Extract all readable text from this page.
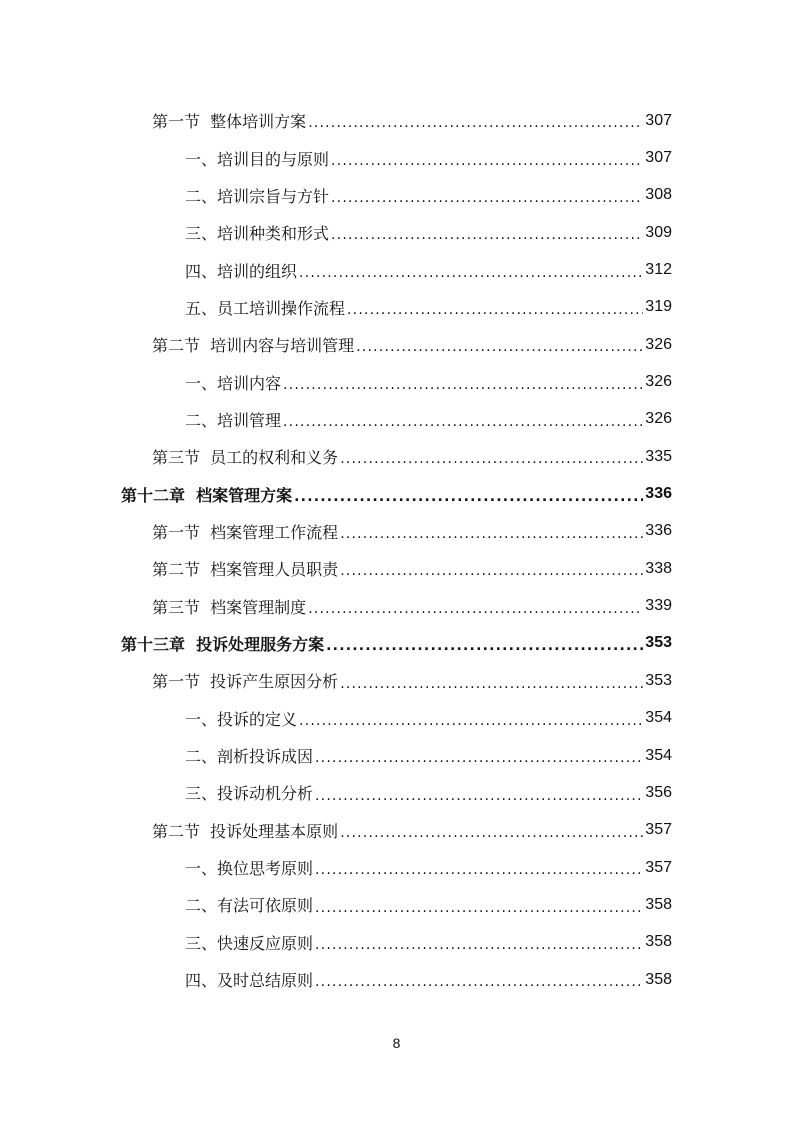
第一节  整体培训方案 .....	307
一、培训目的与原则 .....	307
二、培训宗旨与方针 .....	308
三、培训种类和形式 .....	309
四、培训的组织 .....	312
五、员工培训操作流程 .....	319
第二节  培训内容与培训管理 .....	326
一、培训内容 .....	326
二、培训管理 .....	326
第三节  员工的权利和义务 .....	335
第十二章  档案管理方案 .....	336
第一节  档案管理工作流程 .....	336
第二节  档案管理人员职责 .....	338
第三节  档案管理制度 .....	339
第十三章  投诉处理服务方案 .....	353
第一节  投诉产生原因分析 .....	353
一、投诉的定义 .....	354
二、剖析投诉成因 .....	354
三、投诉动机分析 .....	356
第二节  投诉处理基本原则 .....	357
一、换位思考原则 .....	357
二、有法可依原则 .....	358
三、快速反应原则 .....	358
四、及时总结原则 .....	358
8
